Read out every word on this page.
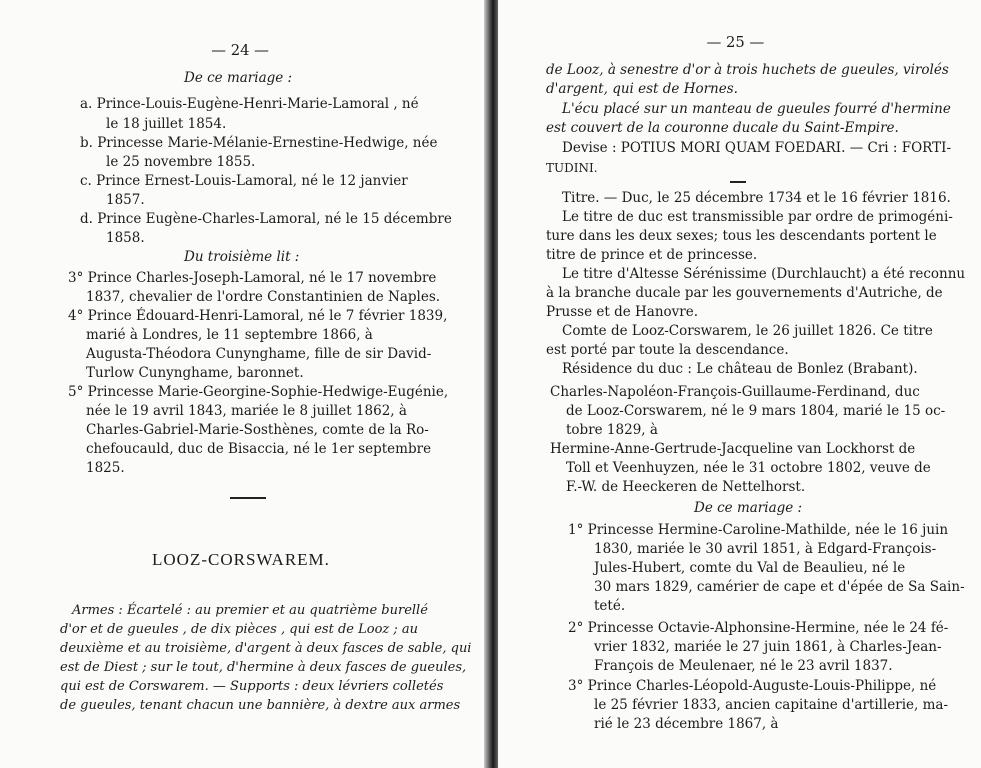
— 24 —
De ce mariage :
a. Prince-Louis-Eugène-Henri-Marie-Lamoral , né
le 18 juillet 1854.
b. Princesse Marie-Mélanie-Ernestine-Hedwige, née
le 25 novembre 1855.
c. Prince Ernest-Louis-Lamoral, né le 12 janvier
1857.
d. Prince Eugène-Charles-Lamoral, né le 15 décembre
1858.
Du troisième lit :
3° Prince Charles-Joseph-Lamoral, né le 17 novembre
1837, chevalier de l'ordre Constantinien de Naples.
4° Prince Édouard-Henri-Lamoral, né le 7 février 1839,
marié à Londres, le 11 septembre 1866, à
Augusta-Théodora Cunynghame, fille de sir David-
Turlow Cunynghame, baronnet.
5° Princesse Marie-Georgine-Sophie-Hedwige-Eugénie,
née le 19 avril 1843, mariée le 8 juillet 1862, à
Charles-Gabriel-Marie-Sosthènes, comte de la Ro-
chefoucauld, duc de Bisaccia, né le 1er septembre
1825.
LOOZ-CORSWAREM.
Armes : Écartelé : au premier et au quatrième burellé
d'or et de gueules , de dix pièces , qui est de Looz ; au
deuxième et au troisième, d'argent à deux fasces de sable, qui
est de Diest ; sur le tout, d'hermine à deux fasces de gueules,
qui est de Corswarem. — Supports : deux lévriers colletés
de gueules, tenant chacun une bannière, à dextre aux armes
— 25 —
de Looz, à senestre d'or à trois huchets de gueules, virolés
d'argent, qui est de Hornes.
L'écu placé sur un manteau de gueules fourré d'hermine
est couvert de la couronne ducale du Saint-Empire.
Devise : POTIUS MORI QUAM FOEDARI. — Cri : FORTI-
TUDINI.
Titre. — Duc, le 25 décembre 1734 et le 16 février 1816.
Le titre de duc est transmissible par ordre de primogéni-
ture dans les deux sexes; tous les descendants portent le
titre de prince et de princesse.
Le titre d'Altesse Sérénissime (Durchlaucht) a été reconnu
à la branche ducale par les gouvernements d'Autriche, de
Prusse et de Hanovre.
Comte de Looz-Corswarem, le 26 juillet 1826. Ce titre
est porté par toute la descendance.
Résidence du duc : Le château de Bonlez (Brabant).
Charles-Napoléon-François-Guillaume-Ferdinand, duc
de Looz-Corswarem, né le 9 mars 1804, marié le 15 oc-
tobre 1829, à
Hermine-Anne-Gertrude-Jacqueline van Lockhorst de
Toll et Veenhuyzen, née le 31 octobre 1802, veuve de
F.-W. de Heeckeren de Nettelhorst.
De ce mariage :
1° Princesse Hermine-Caroline-Mathilde, née le 16 juin
1830, mariée le 30 avril 1851, à Edgard-François-
Jules-Hubert, comte du Val de Beaulieu, né le
30 mars 1829, camérier de cape et d'épée de Sa Sain-
teté.
2° Princesse Octavie-Alphonsine-Hermine, née le 24 fé-
vrier 1832, mariée le 27 juin 1861, à Charles-Jean-
François de Meulenaer, né le 23 avril 1837.
3° Prince Charles-Léopold-Auguste-Louis-Philippe, né
le 25 février 1833, ancien capitaine d'artillerie, ma-
rié le 23 décembre 1867, à
